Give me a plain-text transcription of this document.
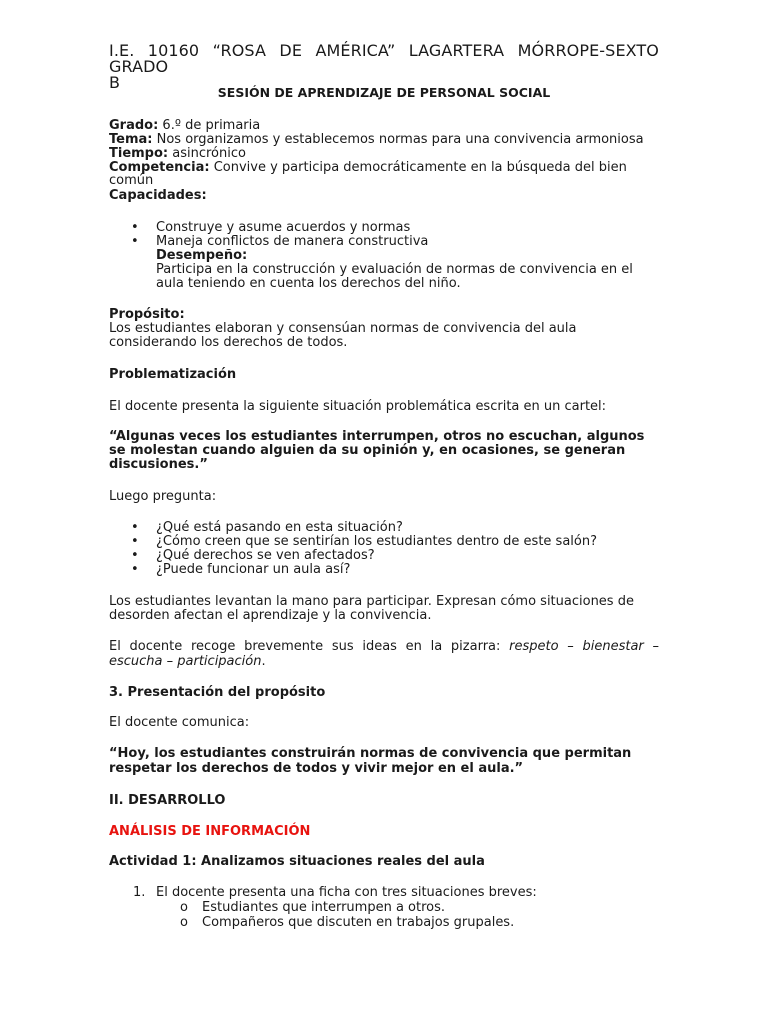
I.E. 10160 “ROSA DE AMÉRICA” LAGARTERA MÓRROPE-SEXTO GRADO
B
SESIÓN DE APRENDIZAJE DE PERSONAL SOCIAL
Grado: 6.º de primaria
Tema: Nos organizamos y establecemos normas para una convivencia armoniosa
Tiempo: asincrónico
Competencia: Convive y participa democráticamente en la búsqueda del bien
común
Capacidades:
• Construye y asume acuerdos y normas
• Maneja conflictos de manera constructiva
Desempeño:
Participa en la construcción y evaluación de normas de convivencia en el
aula teniendo en cuenta los derechos del niño.
Propósito:
Los estudiantes elaboran y consensúan normas de convivencia del aula
considerando los derechos de todos.
Problematización
El docente presenta la siguiente situación problemática escrita en un cartel:
“Algunas veces los estudiantes interrumpen, otros no escuchan, algunos
se molestan cuando alguien da su opinión y, en ocasiones, se generan
discusiones.”
Luego pregunta:
• ¿Qué está pasando en esta situación?
• ¿Cómo creen que se sentirían los estudiantes dentro de este salón?
• ¿Qué derechos se ven afectados?
• ¿Puede funcionar un aula así?
Los estudiantes levantan la mano para participar. Expresan cómo situaciones de
desorden afectan el aprendizaje y la convivencia.
El docente recoge brevemente sus ideas en la pizarra: respeto – bienestar –
escucha – participación.
3. Presentación del propósito
El docente comunica:
“Hoy, los estudiantes construirán normas de convivencia que permitan
respetar los derechos de todos y vivir mejor en el aula.”
II. DESARROLLO
ANÁLISIS DE INFORMACIÓN
Actividad 1: Analizamos situaciones reales del aula
1. El docente presenta una ficha con tres situaciones breves:
o	Estudiantes que interrumpen a otros.
o	Compañeros que discuten en trabajos grupales.
